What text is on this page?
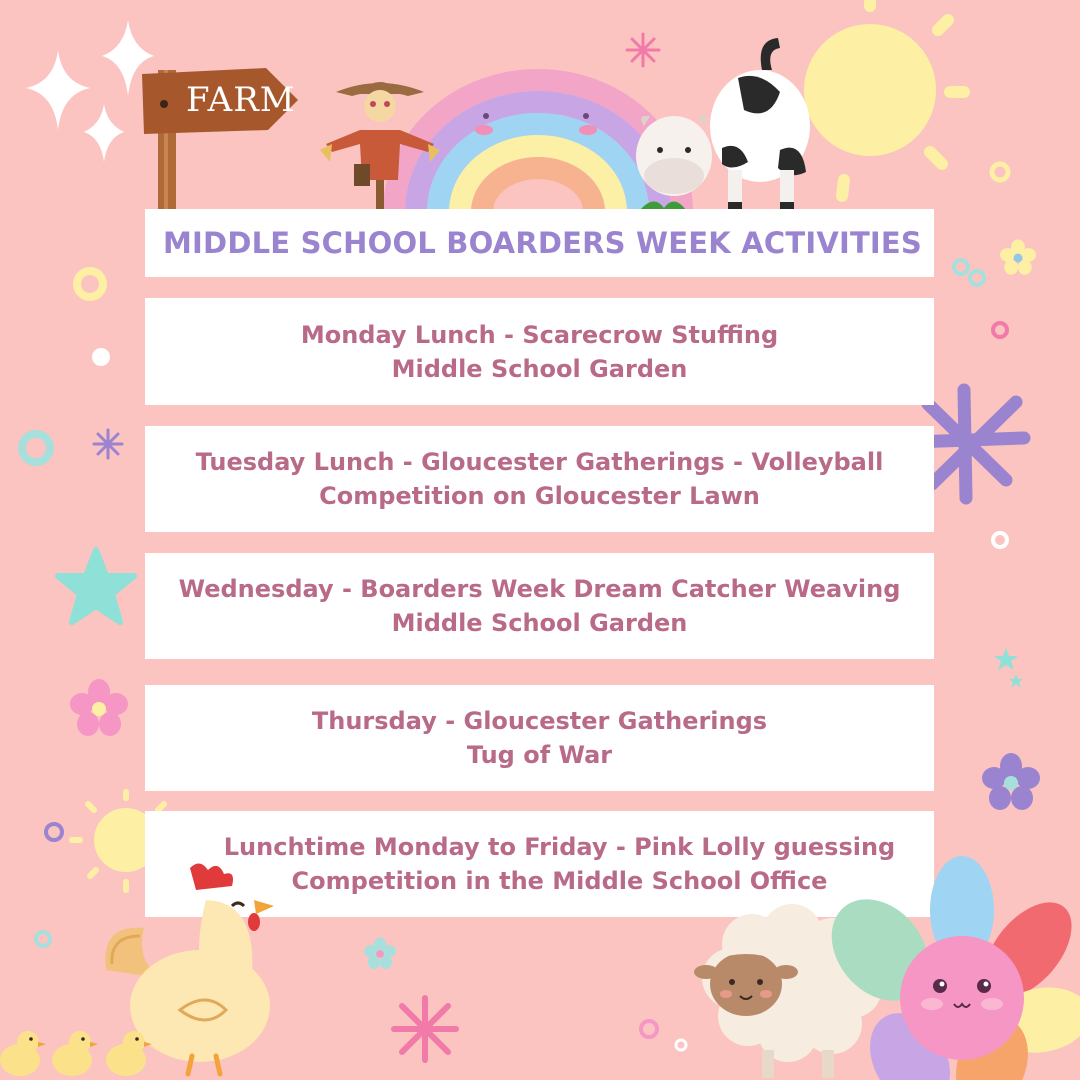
FARM
MIDDLE SCHOOL BOARDERS WEEK ACTIVITIES
Monday Lunch - Scarecrow Stuffing
Middle School Garden
Tuesday Lunch - Gloucester Gatherings - Volleyball
Competition on Gloucester Lawn
Wednesday - Boarders Week Dream Catcher Weaving
Middle School Garden
Thursday - Gloucester Gatherings
Tug of War
Lunchtime Monday to Friday - Pink Lolly guessing
Competition in the Middle School Office
